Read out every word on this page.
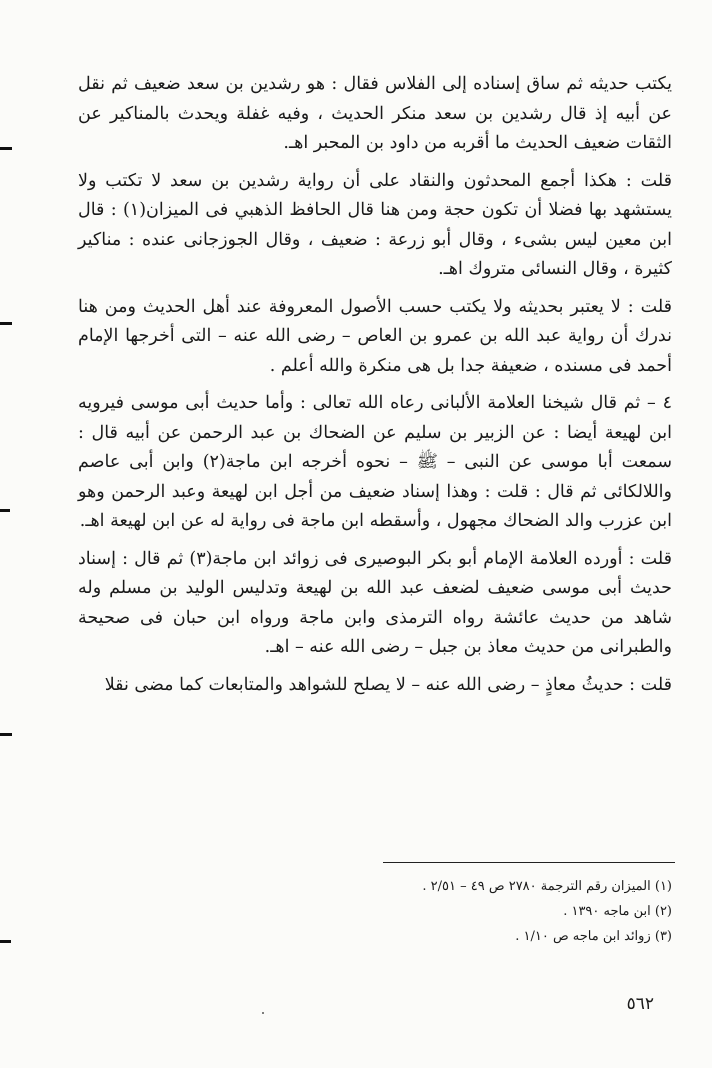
يكتب حديثه ثم ساق إسناده إلى الفلاس فقال : هو رشدين بن سعد ضعيف ثم نقل عن أبيه إذ قال رشدين بن سعد منكر الحديث ، وفيه غفلة ويحدث بالمناكير عن الثقات ضعيف الحديث ما أقربه من داود بن المحبر اهـ.

قلت : هكذا أجمع المحدثون والنقاد على أن رواية رشدين بن سعد لا تكتب ولا يستشهد بها فضلا أن تكون حجة ومن هنا قال الحافظ الذهبي فى الميزان(١) : قال ابن معين ليس بشىء ، وقال أبو زرعة : ضعيف ، وقال الجوزجانى عنده : مناكير كثيرة ، وقال النسائى متروك اهـ.

قلت : لا يعتبر بحديثه ولا يكتب حسب الأصول المعروفة عند أهل الحديث ومن هنا ندرك أن رواية عبد الله بن عمرو بن العاص – رضى الله عنه – التى أخرجها الإمام أحمد فى مسنده ، ضعيفة جدا بل هى منكرة والله أعلم .

٤ – ثم قال شيخنا العلامة الألبانى رعاه الله تعالى : وأما حديث أبى موسى فيرويه ابن لهيعة أيضا : عن الزبير بن سليم عن الضحاك بن عبد الرحمن عن أبيه قال : سمعت أبا موسى عن النبى – ﷺ – نحوه أخرجه ابن ماجة(٢) وابن أبى عاصم واللالكائى ثم قال : قلت : وهذا إسناد ضعيف من أجل ابن لهيعة وعبد الرحمن وهو ابن عزرب والد الضحاك مجهول ، وأسقطه ابن ماجة فى رواية له عن ابن لهيعة اهـ.

قلت : أورده العلامة الإمام أبو بكر البوصيرى فى زوائد ابن ماجة(٣) ثم قال : إسناد حديث أبى موسى ضعيف لضعف عبد الله بن لهيعة وتدليس الوليد بن مسلم وله شاهد من حديث عائشة رواه الترمذى وابن ماجة ورواه ابن حبان فى صحيحة والطبرانى من حديث معاذ بن جبل – رضى الله عنه – اهـ.

قلت : حديثُ معاذٍ – رضى الله عنه – لا يصلح للشواهد والمتابعات كما مضى نقلا

(١) الميزان رقم الترجمة ٢٧٨٠ ص ٤٩ – ٢/٥١ .

(٢) ابن ماجه ١٣٩٠ .

(٣) زوائد ابن ماجه ص ١/١٠ .

٥٦٢
